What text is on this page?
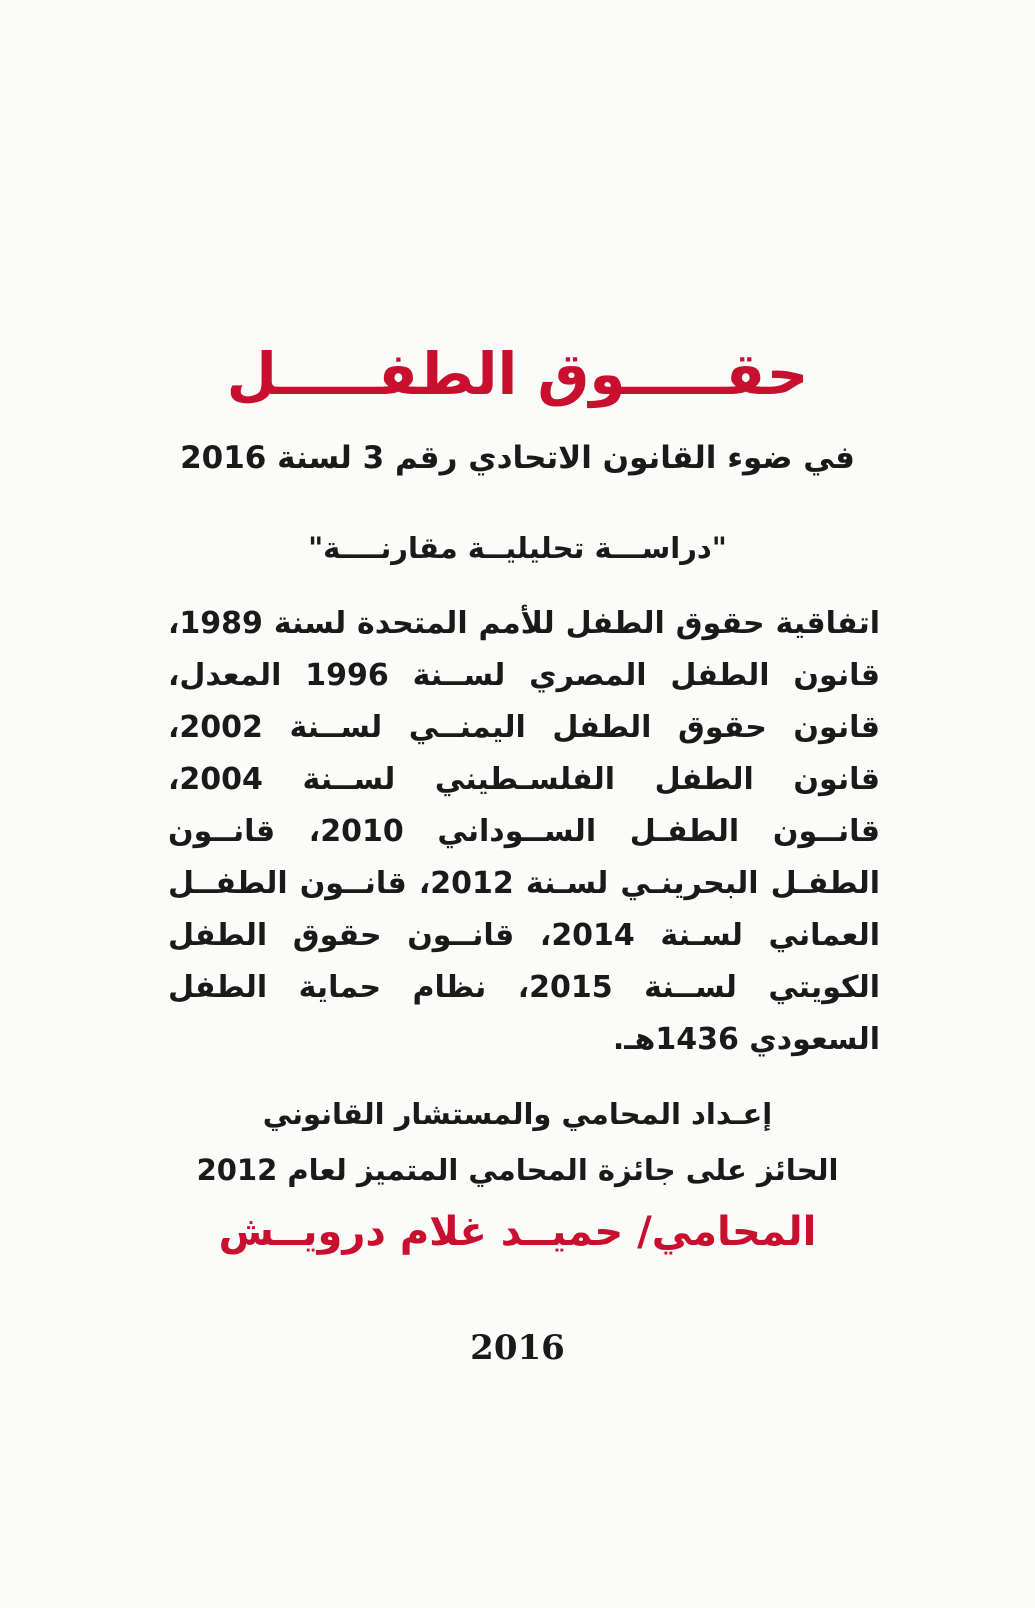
حقـــــوق الطفـــــل
في ضوء القانون الاتحادي رقم 3 لسنة 2016
"دراســـة تحليليــة مقارنــــة"
اتفاقية حقوق الطفل للأمم المتحدة لسنة 1989، قانون الطفل المصري لســنة 1996 المعدل، قانون حقوق الطفل اليمنــي لســنة 2002، قانون الطفل الفلسـطيني لســنة 2004، قانــون الطفـل الســوداني 2010، قانــون الطفـل البحرينـي لسـنة 2012، قانــون الطفــل العماني لسـنة 2014، قانــون حقوق الطفل الكويتي لســنة 2015، نظام حماية الطفل السعودي 1436هـ.
إعـداد المحامي والمستشار القانوني
الحائز على جائزة المحامي المتميز لعام 2012
المحامي/ حميــد غلام درويــش
2016
